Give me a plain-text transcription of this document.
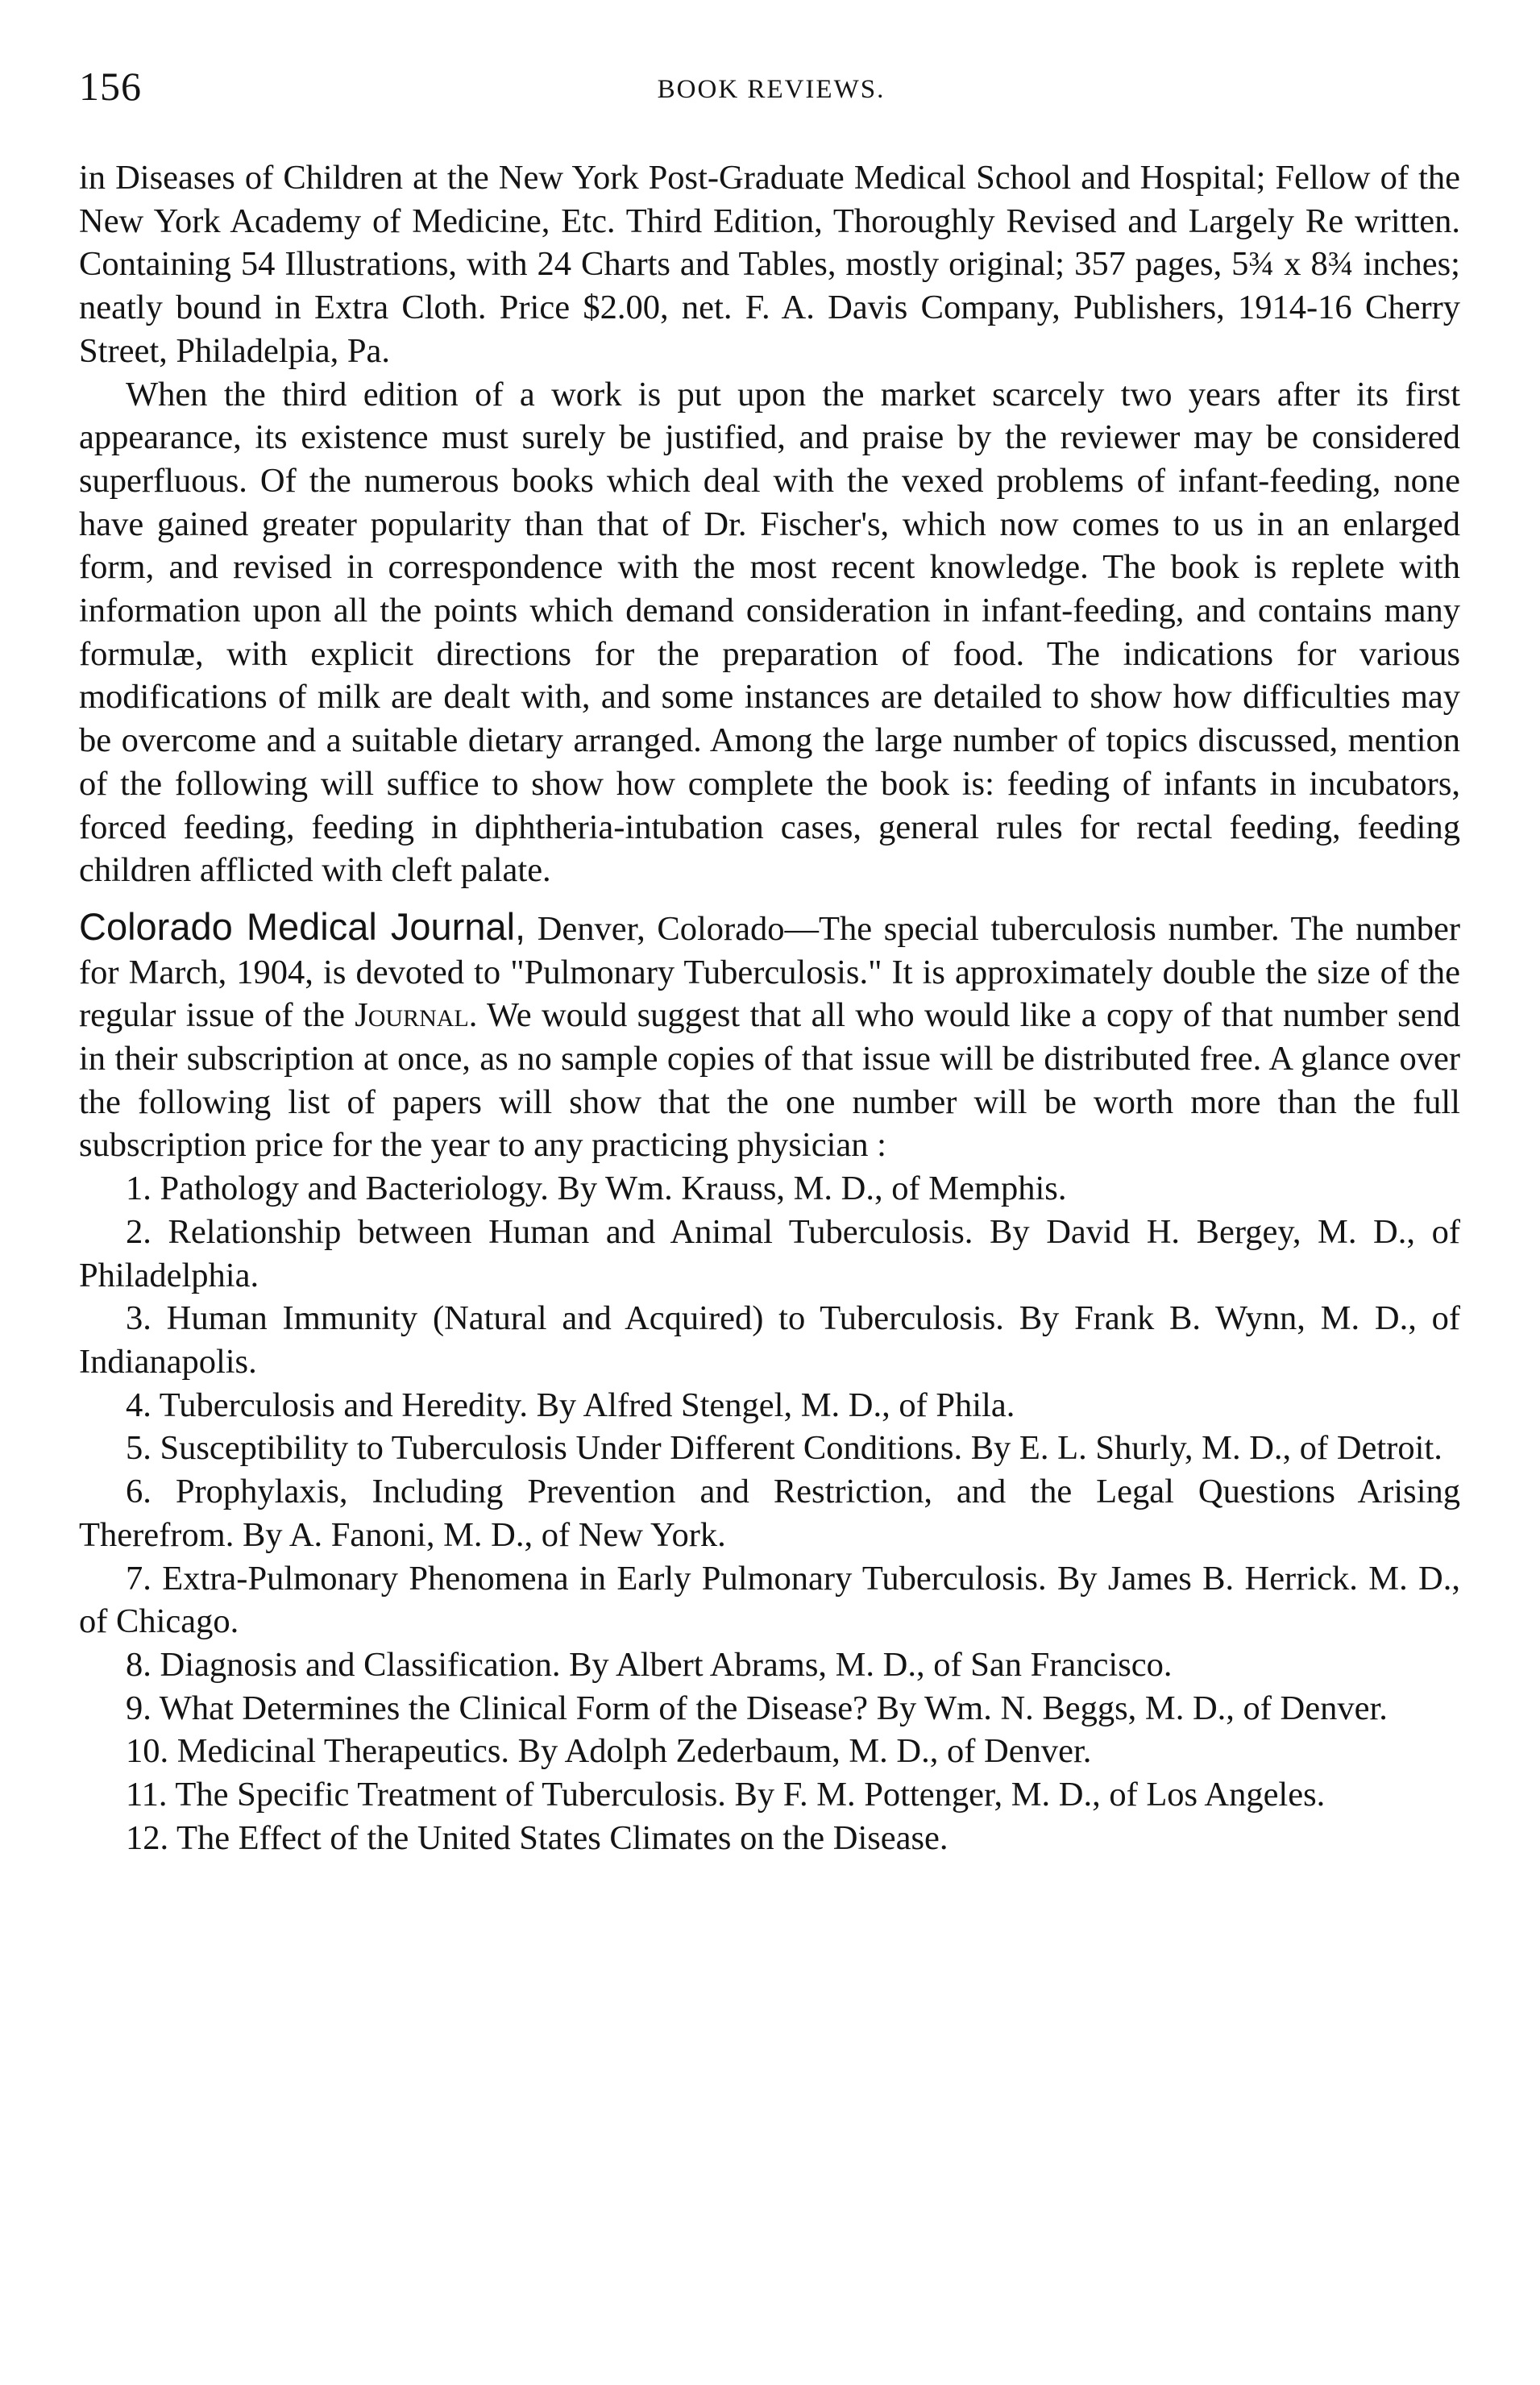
156	BOOK REVIEWS.

in Diseases of Children at the New York Post-Graduate Medical School and Hospital; Fellow of the New York Academy of Medicine, Etc. Third Edition, Thoroughly Revised and Largely Re written. Containing 54 Illustrations, with 24 Charts and Tables, mostly original; 357 pages, 5¾ x 8¾ inches; neatly bound in Extra Cloth. Price $2.00, net. F. A. Davis Company, Publishers, 1914-16 Cherry Street, Philadelpia, Pa.

When the third edition of a work is put upon the market scarcely two years after its first appearance, its existence must surely be justified, and praise by the reviewer may be considered superfluous. Of the numerous books which deal with the vexed problems of infant-feeding, none have gained greater popularity than that of Dr. Fischer's, which now comes to us in an enlarged form, and revised in correspondence with the most recent knowledge. The book is replete with information upon all the points which demand consideration in infant-feeding, and contains many formulæ, with explicit directions for the preparation of food. The indications for various modifications of milk are dealt with, and some instances are detailed to show how difficulties may be overcome and a suitable dietary arranged. Among the large number of topics discussed, mention of the following will suffice to show how complete the book is: feeding of infants in incubators, forced feeding, feeding in diphtheria-intubation cases, general rules for rectal feeding, feeding children afflicted with cleft palate.

Colorado Medical Journal, Denver, Colorado—The special tuberculosis number. The number for March, 1904, is devoted to "Pulmonary Tuberculosis." It is approximately double the size of the regular issue of the Journal. We would suggest that all who would like a copy of that number send in their subscription at once, as no sample copies of that issue will be distributed free. A glance over the following list of papers will show that the one number will be worth more than the full subscription price for the year to any practicing physician :

1. Pathology and Bacteriology. By Wm. Krauss, M. D., of Memphis.

2. Relationship between Human and Animal Tuberculosis. By David H. Bergey, M. D., of Philadelphia.

3. Human Immunity (Natural and Acquired) to Tuberculosis. By Frank B. Wynn, M. D., of Indianapolis.

4. Tuberculosis and Heredity. By Alfred Stengel, M. D., of Phila.

5. Susceptibility to Tuberculosis Under Different Conditions. By E. L. Shurly, M. D., of Detroit.

6. Prophylaxis, Including Prevention and Restriction, and the Legal Questions Arising Therefrom. By A. Fanoni, M. D., of New York.

7. Extra-Pulmonary Phenomena in Early Pulmonary Tuberculosis. By James B. Herrick. M. D., of Chicago.

8. Diagnosis and Classification. By Albert Abrams, M. D., of San Francisco.

9. What Determines the Clinical Form of the Disease? By Wm. N. Beggs, M. D., of Denver.

10. Medicinal Therapeutics. By Adolph Zederbaum, M. D., of Denver.

11. The Specific Treatment of Tuberculosis. By F. M. Pottenger, M. D., of Los Angeles.

12. The Effect of the United States Climates on the Disease.
